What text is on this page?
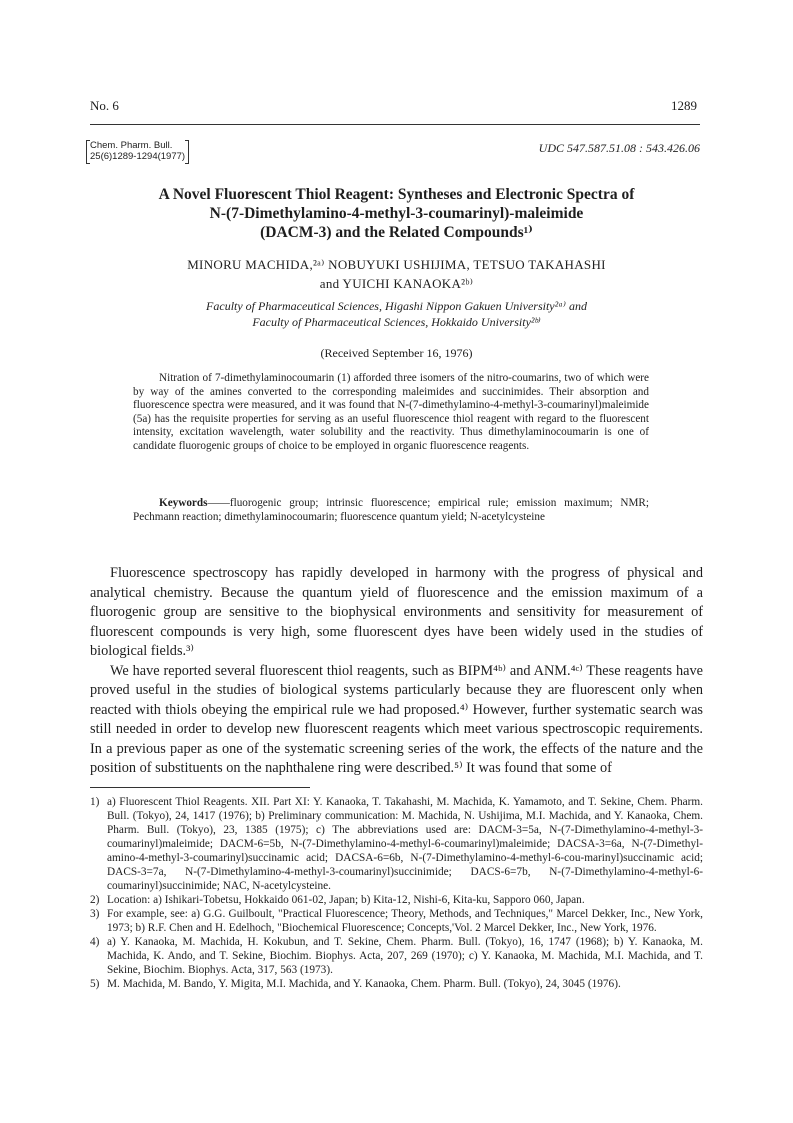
No. 6	1289
Chem. Pharm. Bull.
25(6)1289-1294(1977)
UDC 547.587.51.08 : 543.426.06
A Novel Fluorescent Thiol Reagent: Syntheses and Electronic Spectra of
N-(7-Dimethylamino-4-methyl-3-coumarinyl)-maleimide
(DACM-3) and the Related Compounds¹⁾
MINORU MACHIDA,²ᵃ⁾ NOBUYUKI USHIJIMA, TETSUO TAKAHASHI
and YUICHI KANAOKA²ᵇ⁾
Faculty of Pharmaceutical Sciences, Higashi Nippon Gakuen University²ᵃ⁾ and
Faculty of Pharmaceutical Sciences, Hokkaido University²ᵇ⁾
(Received September 16, 1976)

Nitration of 7-dimethylaminocoumarin (1) afforded three isomers of the nitro-coumarins, two of which were by way of the amines converted to the corresponding maleimides and succinimides. Their absorption and fluorescence spectra were measured, and it was found that N-(7-dimethylamino-4-methyl-3-coumarinyl)maleimide (5a) has the requisite properties for serving as an useful fluorescence thiol reagent with regard to the fluorescent intensity, excitation wavelength, water solubility and the reactivity. Thus dimethylaminocoumarin is one of candidate fluorogenic groups of choice to be employed in organic fluorescence reagents.

Keywords——fluorogenic group; intrinsic fluorescence; empirical rule; emission maximum; NMR; Pechmann reaction; dimethylaminocoumarin; fluorescence quantum yield; N-acetylcysteine

Fluorescence spectroscopy has rapidly developed in harmony with the progress of physical and analytical chemistry. Because the quantum yield of fluorescence and the emission maximum of a fluorogenic group are sensitive to the biophysical environments and sensitivity for measurement of fluorescent compounds is very high, some fluorescent dyes have been widely used in the studies of biological fields.³⁾

We have reported several fluorescent thiol reagents, such as BIPM⁴ᵇ⁾ and ANM.⁴ᶜ⁾ These reagents have proved useful in the studies of biological systems particularly because they are fluorescent only when reacted with thiols obeying the empirical rule we had proposed.⁴⁾ However, further systematic search was still needed in order to develop new fluorescent reagents which meet various spectroscopic requirements. In a previous paper as one of the systematic screening series of the work, the effects of the nature and the position of substituents on the naphthalene ring were described.⁵⁾ It was found that some of

1) a) Fluorescent Thiol Reagents. XII. Part XI: Y. Kanaoka, T. Takahashi, M. Machida, K. Yamamoto, and T. Sekine, Chem. Pharm. Bull. (Tokyo), 24, 1417 (1976); b) Preliminary communication: M. Machida, N. Ushijima, M.I. Machida, and Y. Kanaoka, Chem. Pharm. Bull. (Tokyo), 23, 1385 (1975); c) The abbreviations used are: DACM-3=5a, N-(7-Dimethylamino-4-methyl-3-coumarinyl)maleimide; DACM-6=5b, N-(7-Dimethylamino-4-methyl-6-coumarinyl)maleimide; DACSA-3=6a, N-(7-Dimethyl-amino-4-methyl-3-coumarinyl)succinamic acid; DACSA-6=6b, N-(7-Dimethylamino-4-methyl-6-cou-marinyl)succinamic acid; DACS-3=7a, N-(7-Dimethylamino-4-methyl-3-coumarinyl)succinimide; DACS-6=7b, N-(7-Dimethylamino-4-methyl-6-coumarinyl)succinimide; NAC, N-acetylcysteine.

2) Location: a) Ishikari-Tobetsu, Hokkaido 061-02, Japan; b) Kita-12, Nishi-6, Kita-ku, Sapporo 060, Japan.

3) For example, see: a) G.G. Guilboult, "Practical Fluorescence; Theory, Methods, and Techniques," Marcel Dekker, Inc., New York, 1973; b) R.F. Chen and H. Edelhoch, "Biochemical Fluorescence; Concepts,'Vol. 2 Marcel Dekker, Inc., New York, 1976.

4) a) Y. Kanaoka, M. Machida, H. Kokubun, and T. Sekine, Chem. Pharm. Bull. (Tokyo), 16, 1747 (1968); b) Y. Kanaoka, M. Machida, K. Ando, and T. Sekine, Biochim. Biophys. Acta, 207, 269 (1970); c) Y. Kanaoka, M. Machida, M.I. Machida, and T. Sekine, Biochim. Biophys. Acta, 317, 563 (1973).

5) M. Machida, M. Bando, Y. Migita, M.I. Machida, and Y. Kanaoka, Chem. Pharm. Bull. (Tokyo), 24, 3045 (1976).
